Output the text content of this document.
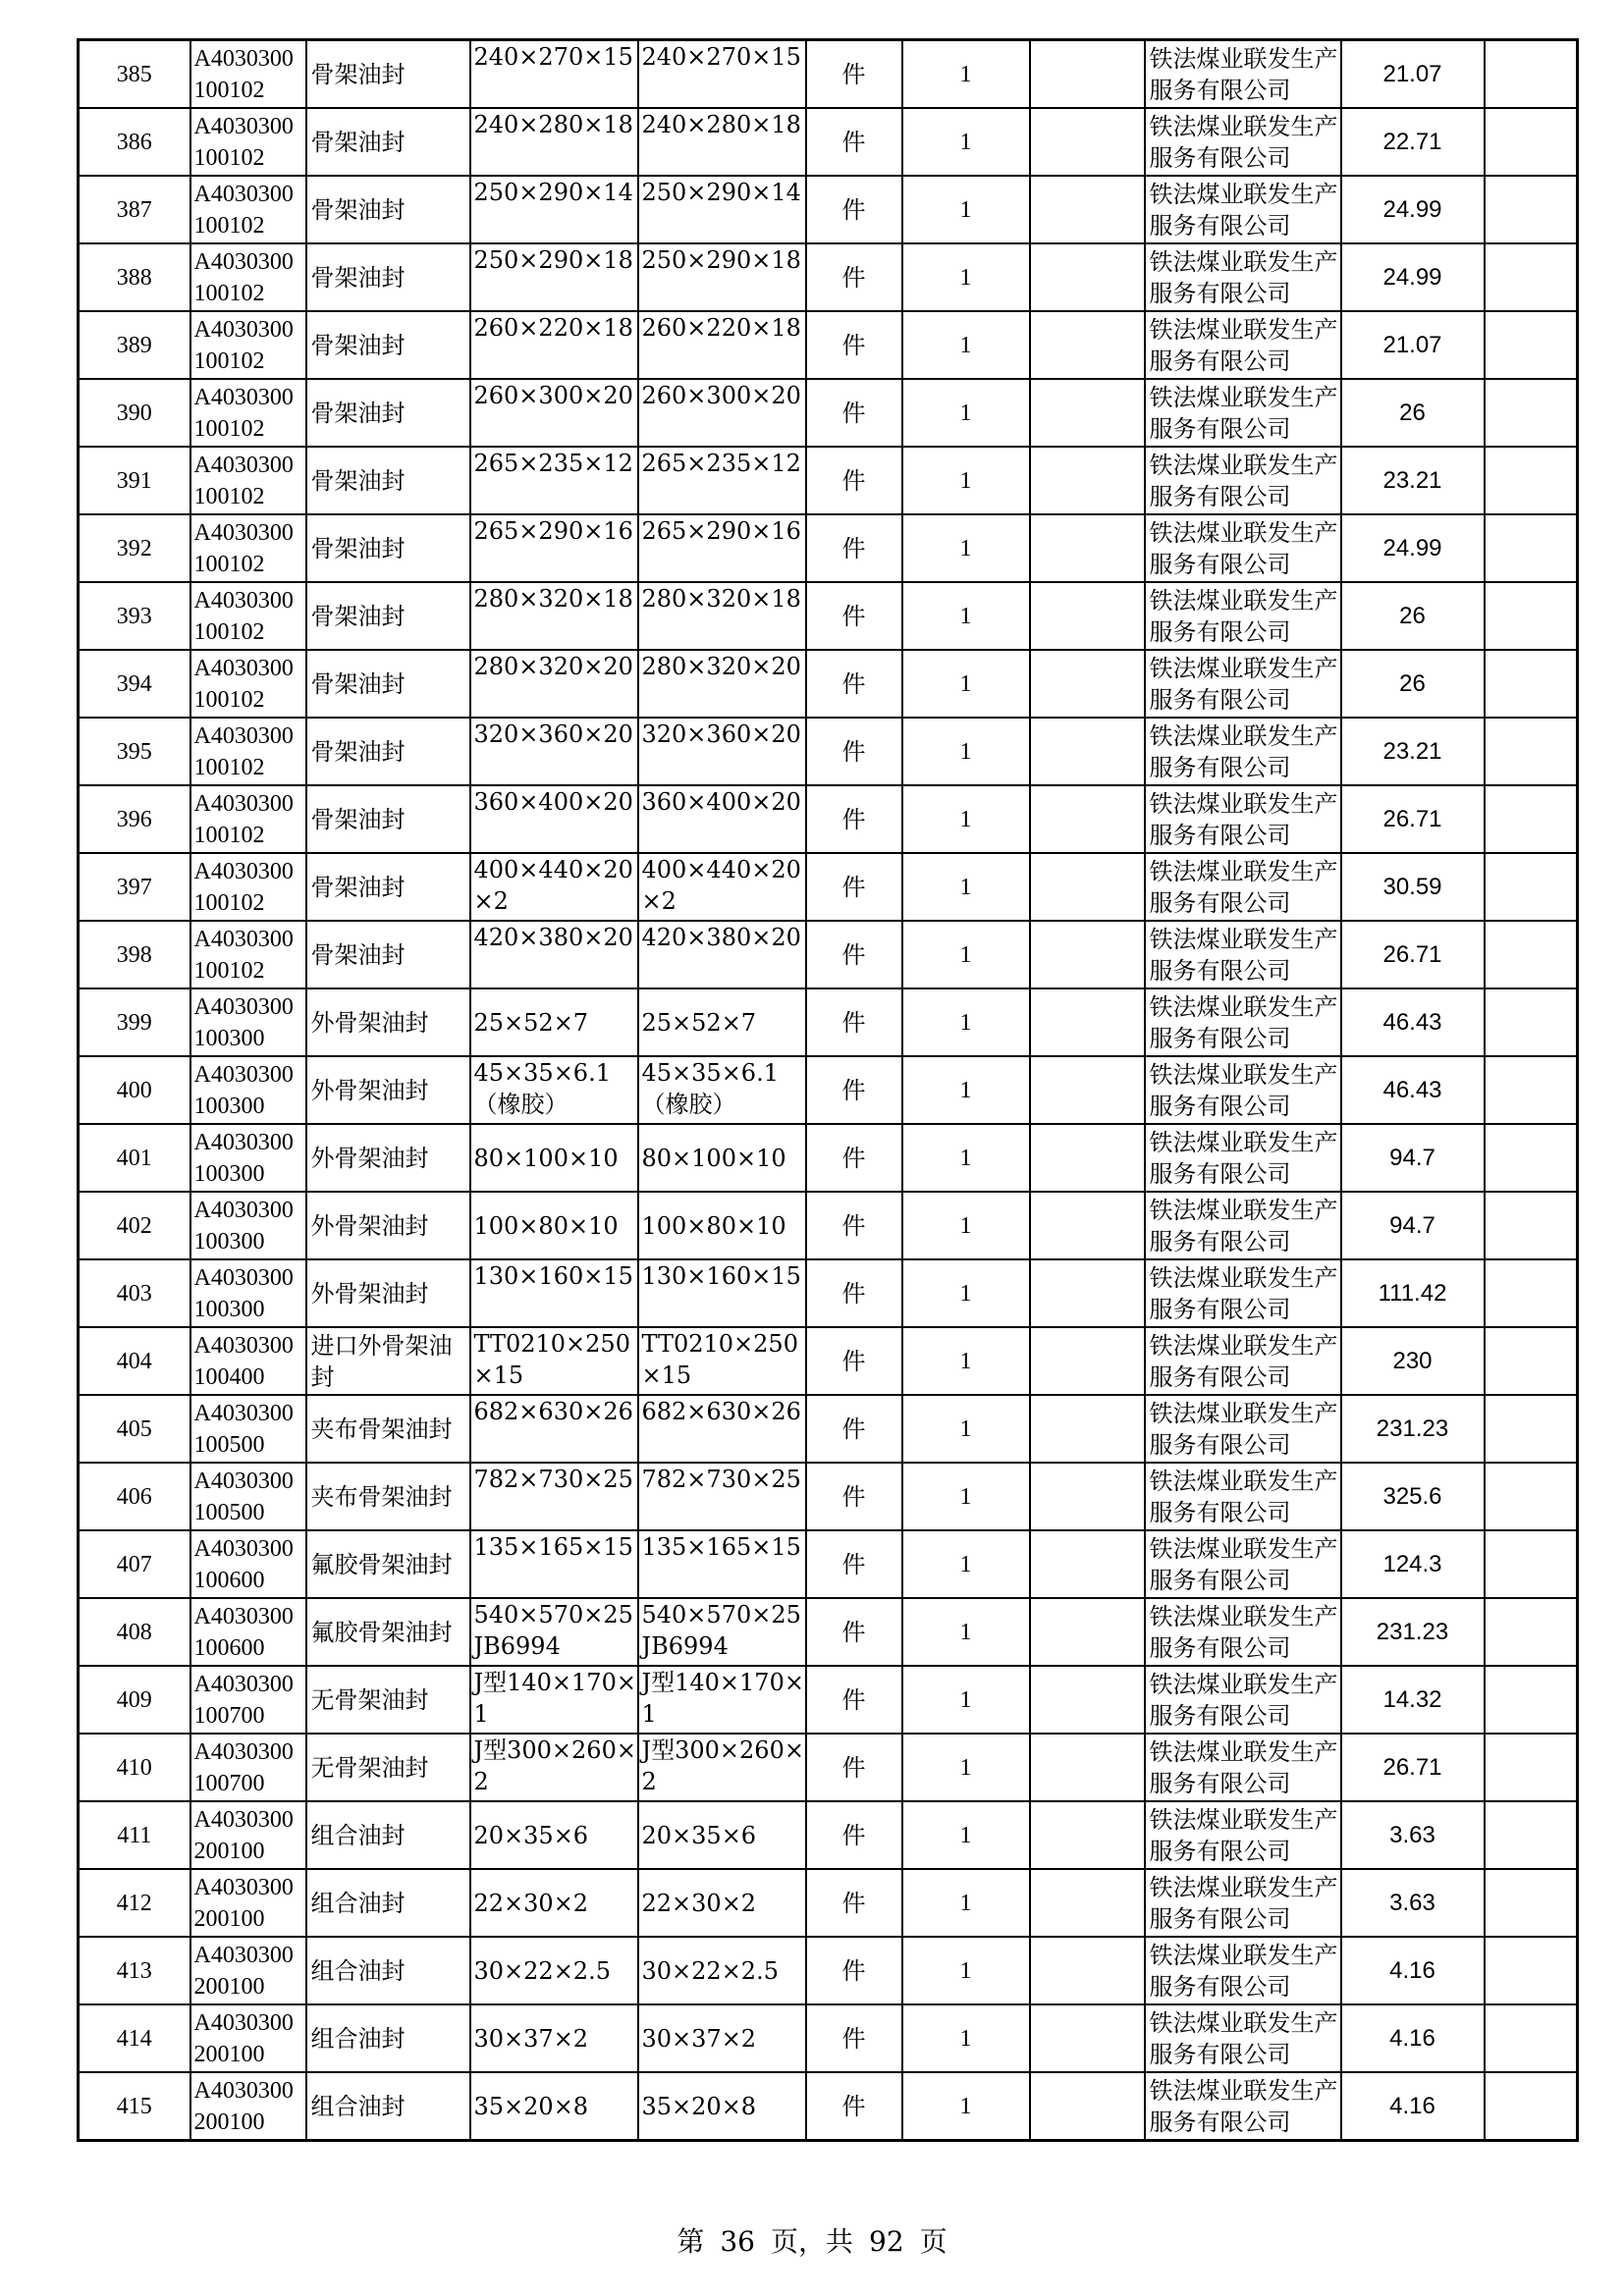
385	A4030300100102	骨架油封	240×270×15	240×270×15	件	1		铁法煤业联发生产服务有限公司	21.07	
386	A4030300100102	骨架油封	240×280×18	240×280×18	件	1		铁法煤业联发生产服务有限公司	22.71	
387	A4030300100102	骨架油封	250×290×14	250×290×14	件	1		铁法煤业联发生产服务有限公司	24.99	
388	A4030300100102	骨架油封	250×290×18	250×290×18	件	1		铁法煤业联发生产服务有限公司	24.99	
389	A4030300100102	骨架油封	260×220×18	260×220×18	件	1		铁法煤业联发生产服务有限公司	21.07	
390	A4030300100102	骨架油封	260×300×20	260×300×20	件	1		铁法煤业联发生产服务有限公司	26	
391	A4030300100102	骨架油封	265×235×12	265×235×12	件	1		铁法煤业联发生产服务有限公司	23.21	
392	A4030300100102	骨架油封	265×290×16	265×290×16	件	1		铁法煤业联发生产服务有限公司	24.99	
393	A4030300100102	骨架油封	280×320×18	280×320×18	件	1		铁法煤业联发生产服务有限公司	26	
394	A4030300100102	骨架油封	280×320×20	280×320×20	件	1		铁法煤业联发生产服务有限公司	26	
395	A4030300100102	骨架油封	320×360×20	320×360×20	件	1		铁法煤业联发生产服务有限公司	23.21	
396	A4030300100102	骨架油封	360×400×20	360×400×20	件	1		铁法煤业联发生产服务有限公司	26.71	
397	A4030300100102	骨架油封	400×440×20×2	400×440×20×2	件	1		铁法煤业联发生产服务有限公司	30.59	
398	A4030300100102	骨架油封	420×380×20	420×380×20	件	1		铁法煤业联发生产服务有限公司	26.71	
399	A4030300100300	外骨架油封	25×52×7	25×52×7	件	1		铁法煤业联发生产服务有限公司	46.43	
400	A4030300100300	外骨架油封	45×35×6.1（橡胶）	45×35×6.1（橡胶）	件	1		铁法煤业联发生产服务有限公司	46.43	
401	A4030300100300	外骨架油封	80×100×10	80×100×10	件	1		铁法煤业联发生产服务有限公司	94.7	
402	A4030300100300	外骨架油封	100×80×10	100×80×10	件	1		铁法煤业联发生产服务有限公司	94.7	
403	A4030300100300	外骨架油封	130×160×15	130×160×15	件	1		铁法煤业联发生产服务有限公司	111.42	
404	A4030300100400	进口外骨架油封	TT0210×250×15	TT0210×250×15	件	1		铁法煤业联发生产服务有限公司	230	
405	A4030300100500	夹布骨架油封	682×630×26	682×630×26	件	1		铁法煤业联发生产服务有限公司	231.23	
406	A4030300100500	夹布骨架油封	782×730×25	782×730×25	件	1		铁法煤业联发生产服务有限公司	325.6	
407	A4030300100600	氟胶骨架油封	135×165×15	135×165×15	件	1		铁法煤业联发生产服务有限公司	124.3	
408	A4030300100600	氟胶骨架油封	540×570×25JB6994	540×570×25JB6994	件	1		铁法煤业联发生产服务有限公司	231.23	
409	A4030300100700	无骨架油封	J型140×170×1	J型140×170×1	件	1		铁法煤业联发生产服务有限公司	14.32	
410	A4030300100700	无骨架油封	J型300×260×2	J型300×260×2	件	1		铁法煤业联发生产服务有限公司	26.71	
411	A4030300200100	组合油封	20×35×6	20×35×6	件	1		铁法煤业联发生产服务有限公司	3.63	
412	A4030300200100	组合油封	22×30×2	22×30×2	件	1		铁法煤业联发生产服务有限公司	3.63	
413	A4030300200100	组合油封	30×22×2.5	30×22×2.5	件	1		铁法煤业联发生产服务有限公司	4.16	
414	A4030300200100	组合油封	30×37×2	30×37×2	件	1		铁法煤业联发生产服务有限公司	4.16	
415	A4030300200100	组合油封	35×20×8	35×20×8	件	1		铁法煤业联发生产服务有限公司	4.16	
第 36 页，共 92 页
